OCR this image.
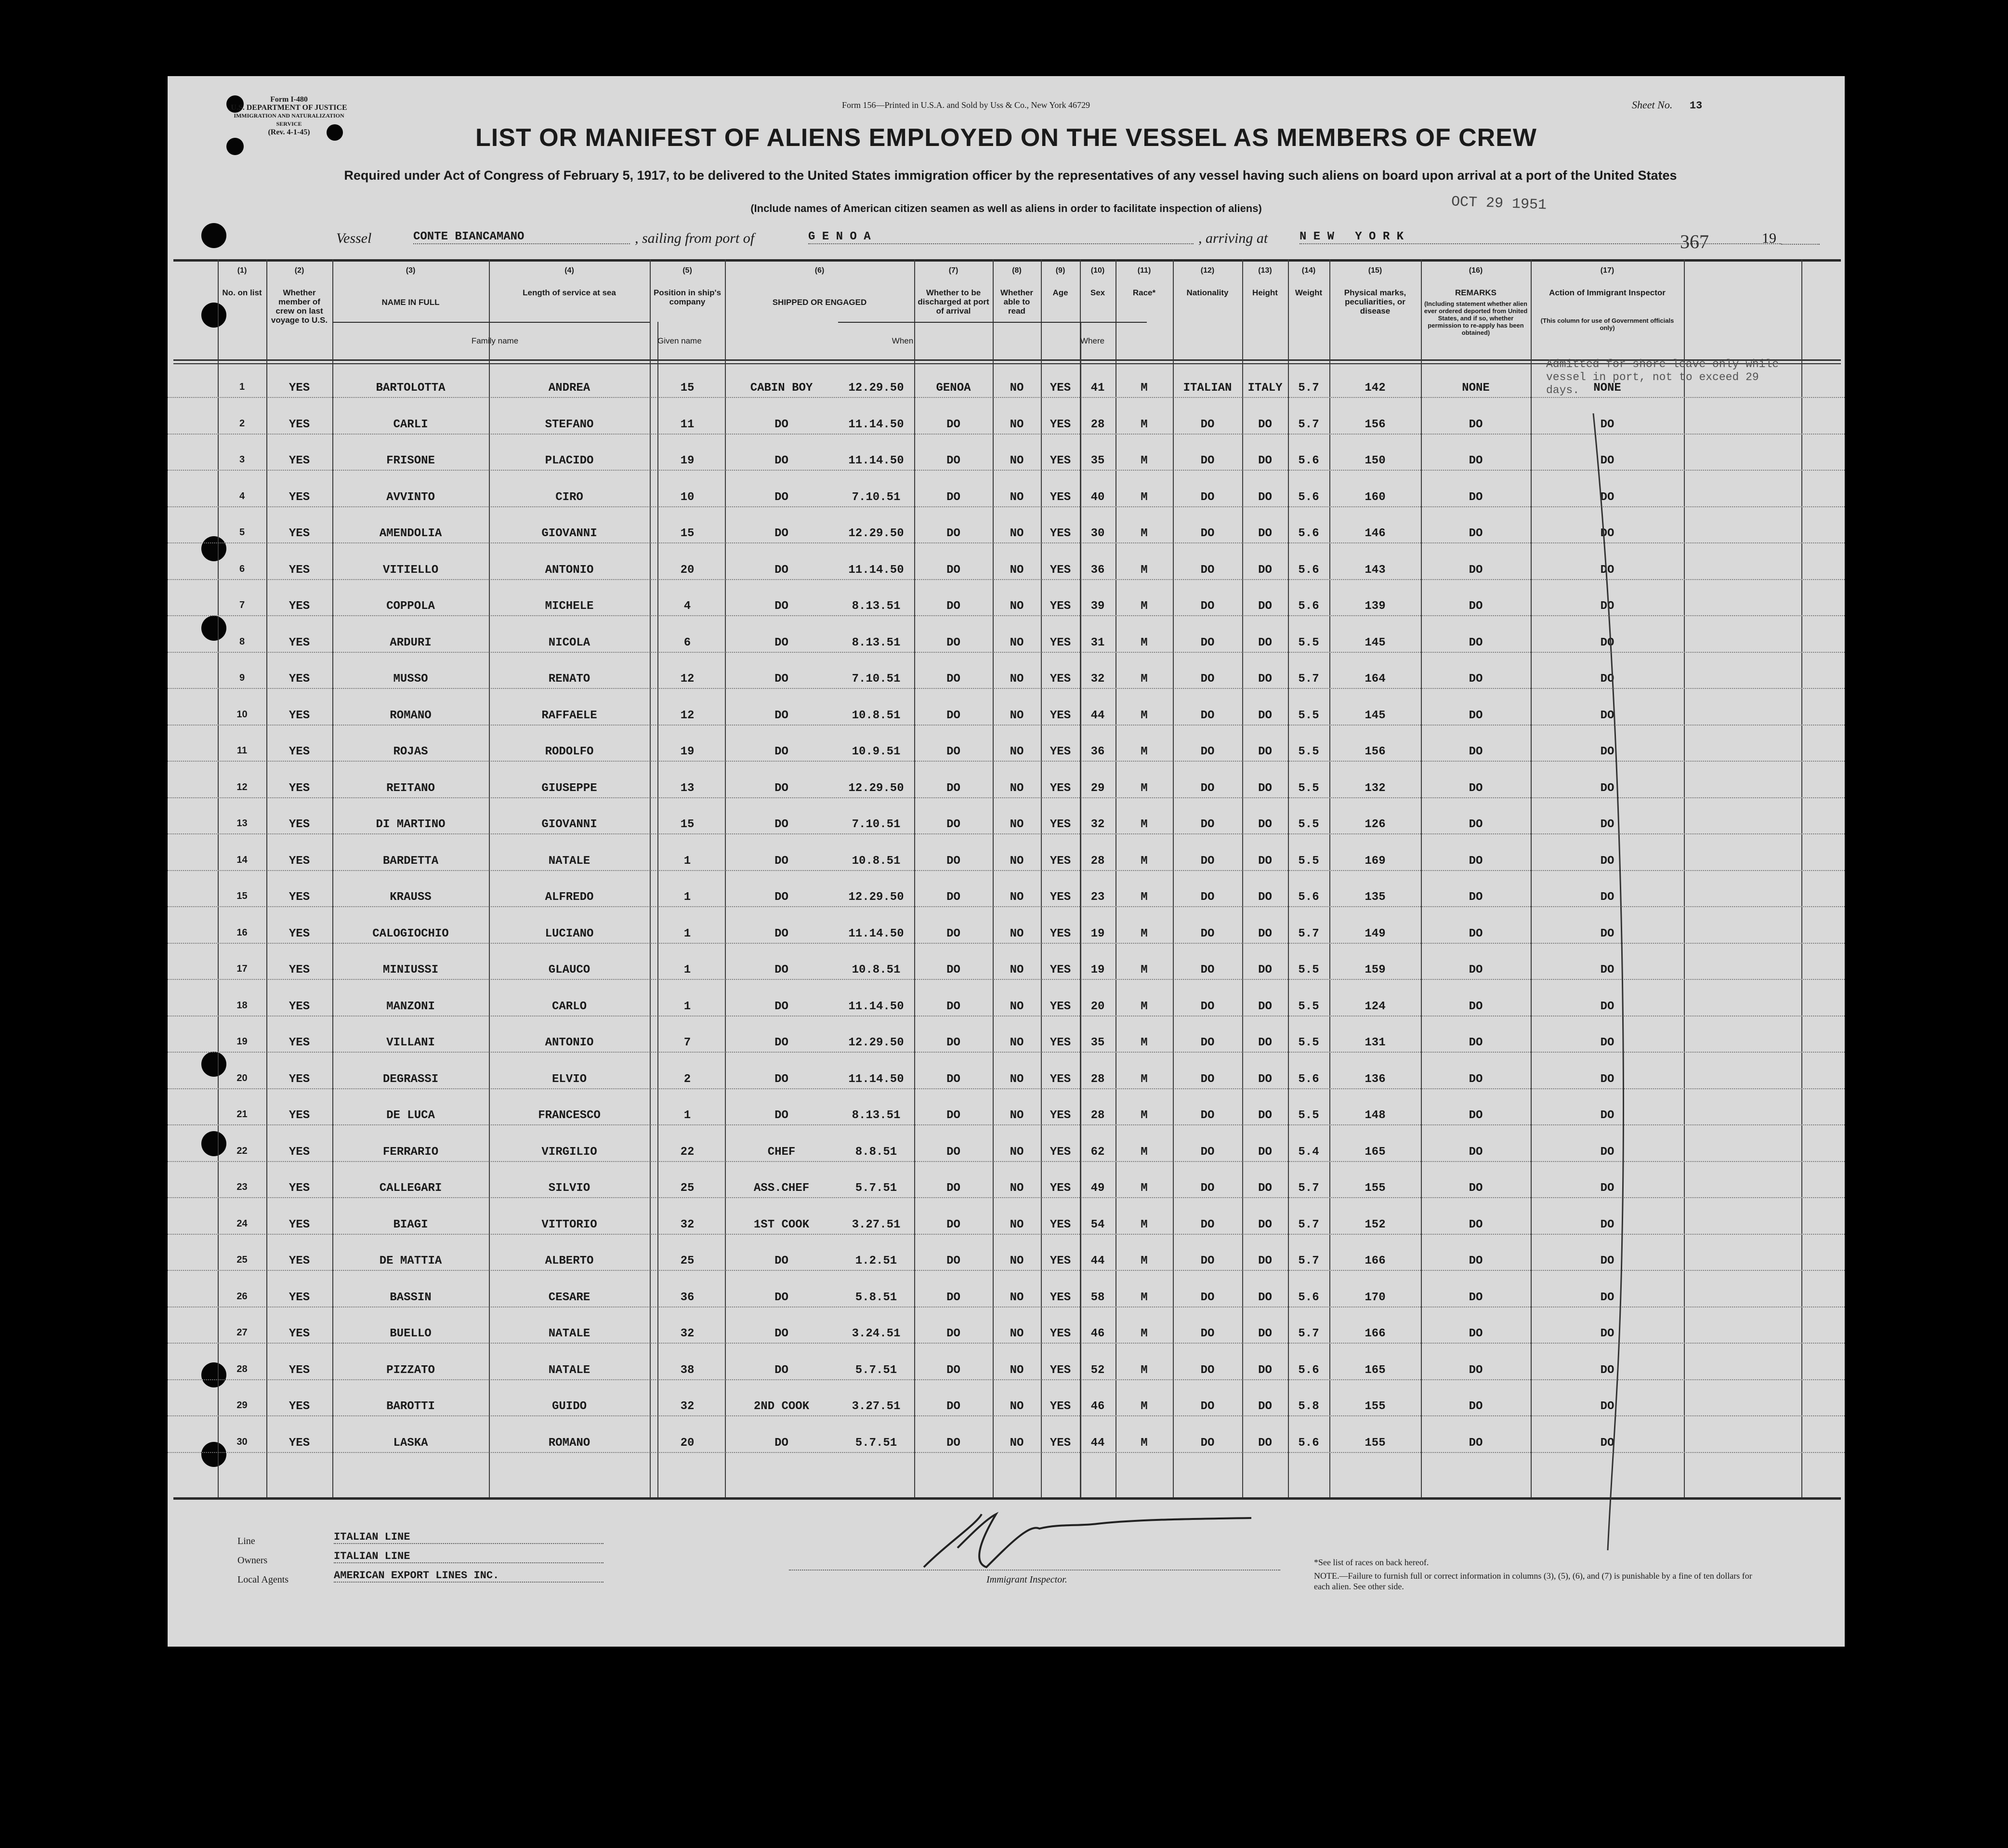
Form I-480
U.S. DEPARTMENT OF JUSTICE
IMMIGRATION AND NATURALIZATION SERVICE
(Rev. 4-1-45)
Form 156—Printed in U.S.A. and Sold by Uss & Co., New York 46729	Sheet No. 13
LIST OR MANIFEST OF ALIENS EMPLOYED ON THE VESSEL AS MEMBERS OF CREW
Required under Act of Congress of February 5, 1917, to be delivered to the United States immigration officer by the representatives of any vessel having such aliens on board upon arrival at a port of the United States
(Include names of American citizen seamen as well as aliens in order to facilitate inspection of aliens)	OCT 29 1951
Vessel	CONTE BIANCAMANO	, sailing from port of	G E N O A	, arriving at	N E W   Y O R K	19
367
(1)
No. on list
(2)
Whether member of crew on last voyage to U.S.
(3)
NAME IN FULL
Family name	Given name
(4)
Length of service at sea
(5)
Position in ship's company
(6)
SHIPPED OR ENGAGED
When	Where
(7)
Whether to be discharged at port of arrival
(8)
Whether able to read
(9)
Age
(10)
Sex
(11)
Race*
(12)
Nationality
(13)
Height
(14)
Weight
(15)
Physical marks, peculiarities, or disease
(16)
REMARKS
(Including statement whether alien ever ordered deported from United States, and if so, whether permission to re-apply has been obtained)
(17)
Action of Immigrant Inspector
(This column for use of Government officials only)
Admitted for shore leave only while vessel in port, not to exceed 29 days.
1	YES	BARTOLOTTA	ANDREA	15	CABIN BOY	12.29.50	GENOA	NO	YES	41	M	ITALIAN	ITALY	5.7	142	NONE	NONE
2	YES	CARLI	STEFANO	11	DO	11.14.50	DO	NO	YES	28	M	DO	DO	5.7	156	DO	DO
3	YES	FRISONE	PLACIDO	19	DO	11.14.50	DO	NO	YES	35	M	DO	DO	5.6	150	DO	DO
4	YES	AVVINTO	CIRO	10	DO	7.10.51	DO	NO	YES	40	M	DO	DO	5.6	160	DO	DO
5	YES	AMENDOLIA	GIOVANNI	15	DO	12.29.50	DO	NO	YES	30	M	DO	DO	5.6	146	DO	DO
6	YES	VITIELLO	ANTONIO	20	DO	11.14.50	DO	NO	YES	36	M	DO	DO	5.6	143	DO	DO
7	YES	COPPOLA	MICHELE	4	DO	8.13.51	DO	NO	YES	39	M	DO	DO	5.6	139	DO	DO
8	YES	ARDURI	NICOLA	6	DO	8.13.51	DO	NO	YES	31	M	DO	DO	5.5	145	DO	DO
9	YES	MUSSO	RENATO	12	DO	7.10.51	DO	NO	YES	32	M	DO	DO	5.7	164	DO	DO
10	YES	ROMANO	RAFFAELE	12	DO	10.8.51	DO	NO	YES	44	M	DO	DO	5.5	145	DO	DO
11	YES	ROJAS	RODOLFO	19	DO	10.9.51	DO	NO	YES	36	M	DO	DO	5.5	156	DO	DO
12	YES	REITANO	GIUSEPPE	13	DO	12.29.50	DO	NO	YES	29	M	DO	DO	5.5	132	DO	DO
13	YES	DI MARTINO	GIOVANNI	15	DO	7.10.51	DO	NO	YES	32	M	DO	DO	5.5	126	DO	DO
14	YES	BARDETTA	NATALE	1	DO	10.8.51	DO	NO	YES	28	M	DO	DO	5.5	169	DO	DO
15	YES	KRAUSS	ALFREDO	1	DO	12.29.50	DO	NO	YES	23	M	DO	DO	5.6	135	DO	DO
16	YES	CALOGIOCHIO	LUCIANO	1	DO	11.14.50	DO	NO	YES	19	M	DO	DO	5.7	149	DO	DO
17	YES	MINIUSSI	GLAUCO	1	DO	10.8.51	DO	NO	YES	19	M	DO	DO	5.5	159	DO	DO
18	YES	MANZONI	CARLO	1	DO	11.14.50	DO	NO	YES	20	M	DO	DO	5.5	124	DO	DO
19	YES	VILLANI	ANTONIO	7	DO	12.29.50	DO	NO	YES	35	M	DO	DO	5.5	131	DO	DO
20	YES	DEGRASSI	ELVIO	2	DO	11.14.50	DO	NO	YES	28	M	DO	DO	5.6	136	DO	DO
21	YES	DE LUCA	FRANCESCO	1	DO	8.13.51	DO	NO	YES	28	M	DO	DO	5.5	148	DO	DO
22	YES	FERRARIO	VIRGILIO	22	CHEF	8.8.51	DO	NO	YES	62	M	DO	DO	5.4	165	DO	DO
23	YES	CALLEGARI	SILVIO	25	ASS.CHEF	5.7.51	DO	NO	YES	49	M	DO	DO	5.7	155	DO	DO
24	YES	BIAGI	VITTORIO	32	1ST COOK	3.27.51	DO	NO	YES	54	M	DO	DO	5.7	152	DO	DO
25	YES	DE MATTIA	ALBERTO	25	DO	1.2.51	DO	NO	YES	44	M	DO	DO	5.7	166	DO	DO
26	YES	BASSIN	CESARE	36	DO	5.8.51	DO	NO	YES	58	M	DO	DO	5.6	170	DO	DO
27	YES	BUELLO	NATALE	32	DO	3.24.51	DO	NO	YES	46	M	DO	DO	5.7	166	DO	DO
28	YES	PIZZATO	NATALE	38	DO	5.7.51	DO	NO	YES	52	M	DO	DO	5.6	165	DO	DO
29	YES	BAROTTI	GUIDO	32	2ND COOK	3.27.51	DO	NO	YES	46	M	DO	DO	5.8	155	DO	DO
30	YES	LASKA	ROMANO	20	DO	5.7.51	DO	NO	YES	44	M	DO	DO	5.6	155	DO	DO
Line	ITALIAN LINE
Owners	ITALIAN LINE
Local Agents	AMERICAN EXPORT LINES INC.	Immigrant Inspector.
*See list of races on back hereof.
NOTE.—Failure to furnish full or correct information in columns (3), (5), (6), and (7) is punishable by a fine of ten dollars for each alien. See other side.
